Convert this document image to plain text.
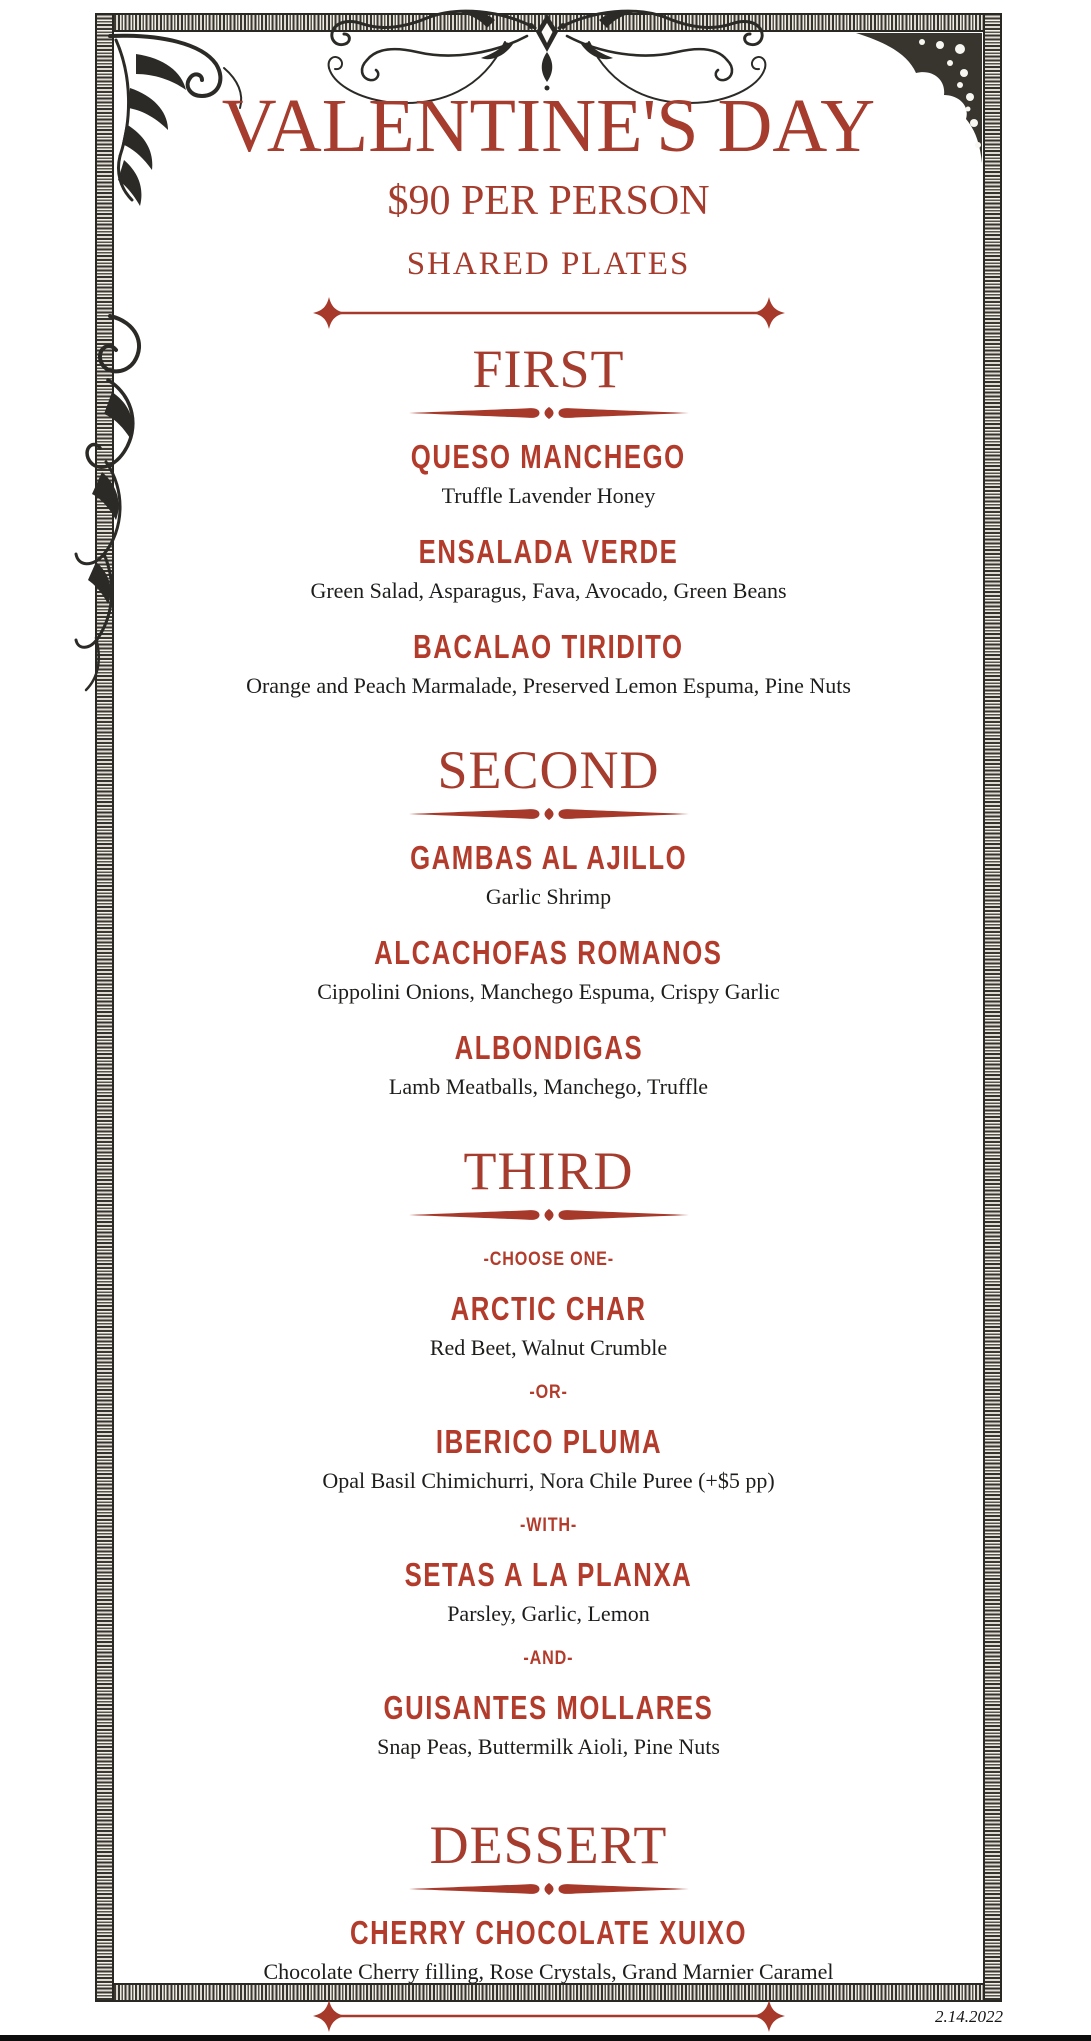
VALENTINE'S DAY
$90 PER PERSON
SHARED PLATES
FIRST
QUESO MANCHEGO
Truffle Lavender Honey
ENSALADA VERDE
Green Salad, Asparagus, Fava, Avocado, Green Beans
BACALAO TIRIDITO
Orange and Peach Marmalade, Preserved Lemon Espuma, Pine Nuts
SECOND
GAMBAS AL AJILLO
Garlic Shrimp
ALCACHOFAS ROMANOS
Cippolini Onions, Manchego Espuma, Crispy Garlic
ALBONDIGAS
Lamb Meatballs, Manchego, Truffle
THIRD
-CHOOSE ONE-
ARCTIC CHAR
Red Beet, Walnut Crumble
-OR-
IBERICO PLUMA
Opal Basil Chimichurri, Nora Chile Puree (+$5 pp)
-WITH-
SETAS A LA PLANXA
Parsley, Garlic, Lemon
-AND-
GUISANTES MOLLARES
Snap Peas, Buttermilk Aioli, Pine Nuts
DESSERT
CHERRY CHOCOLATE XUIXO
Chocolate Cherry filling, Rose Crystals, Grand Marnier Caramel
2.14.2022
